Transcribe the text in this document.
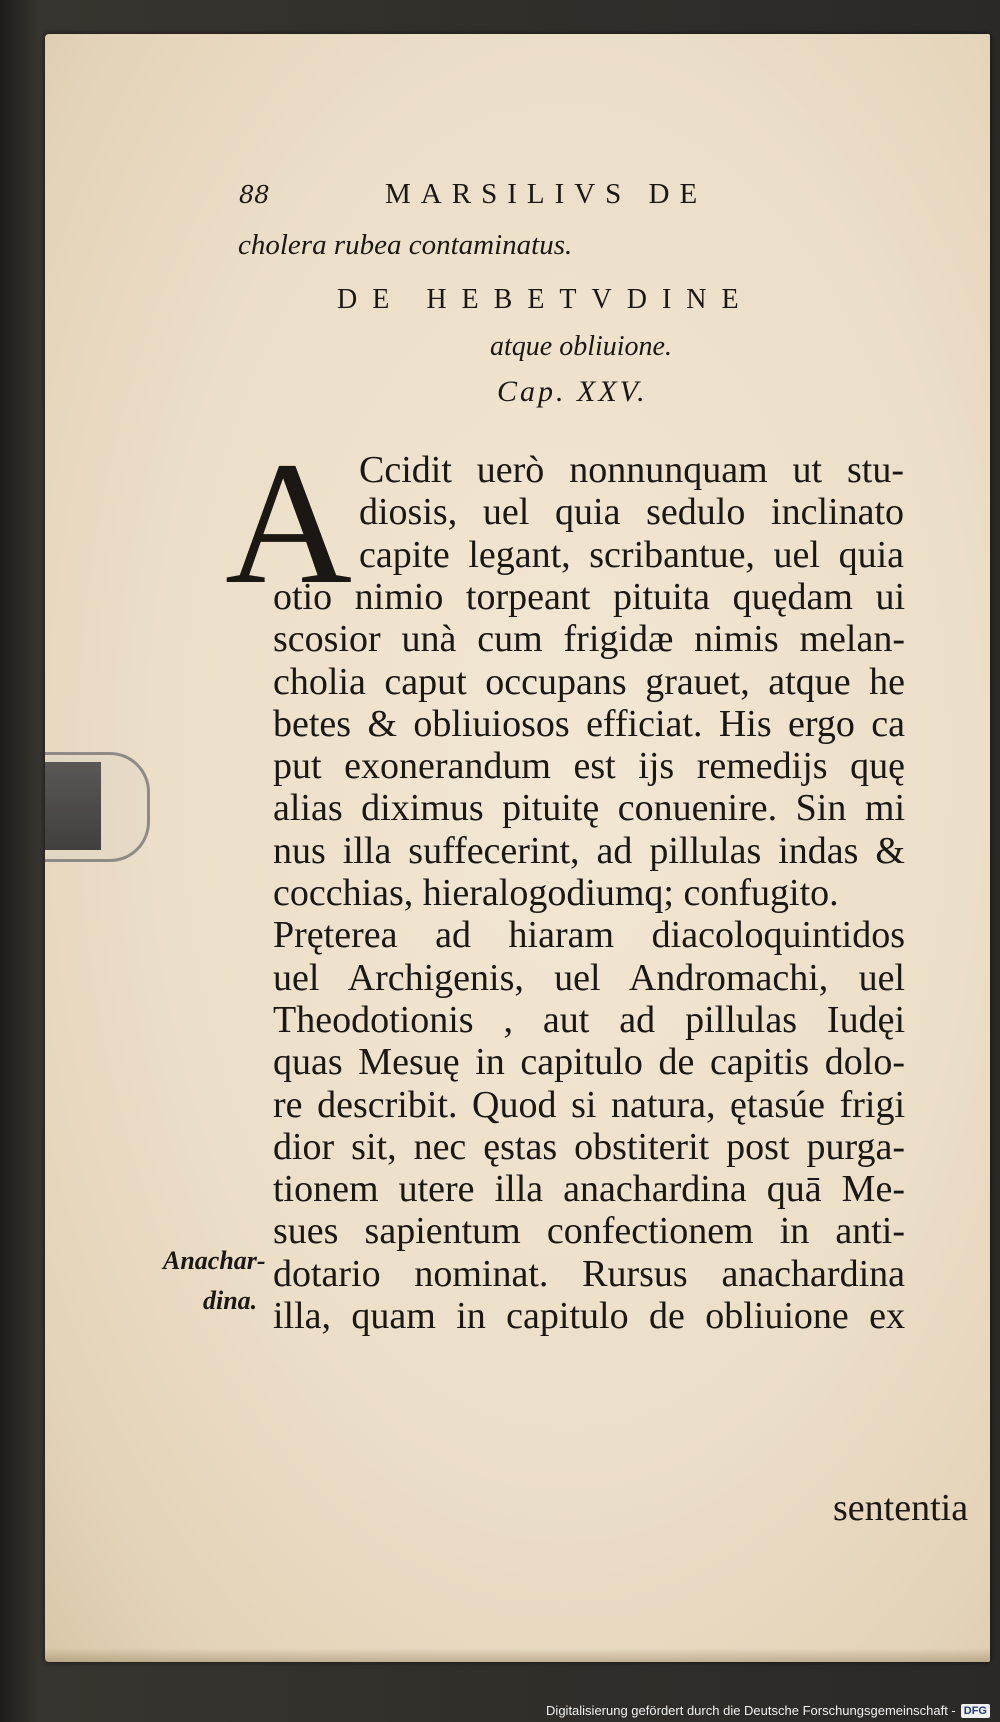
88	MARSILIVS DE
cholera rubea contaminatus.
DE HEBETVDINE
atque obliuione.
Cap. XXV.
A Ccidit uerò nonnunquam ut stu-
diosis, uel quia sedulo inclinato
capite legant, scribantue, uel quia
otio nimio torpeant pituita quędam ui
scosior unà cum frigidæ nimis melan-
cholia caput occupans grauet, atque he
betes & obliuiosos efficiat. His ergo ca
put exonerandum est ijs remedijs quę
alias diximus pituitę conuenire. Sin mi
nus illa suffecerint, ad pillulas indas &
cocchias, hieralogodiumq; confugito.
Pręterea ad hiaram diacoloquintidos
uel Archigenis, uel Andromachi, uel
Theodotionis , aut ad pillulas Iudęi
quas Mesuę in capitulo de capitis dolo-
re describit. Quod si natura, ętasúe frigi
dior sit, nec ęstas obstiterit post purga-
tionem utere illa anachardina quā Me-
sues sapientum confectionem in anti-
dotario nominat. Rursus anachardina
illa, quam in capitulo de obliuione ex
Anachar-
dina.
sententia
Digitalisierung gefördert durch die Deutsche Forschungsgemeinschaft - DFG
